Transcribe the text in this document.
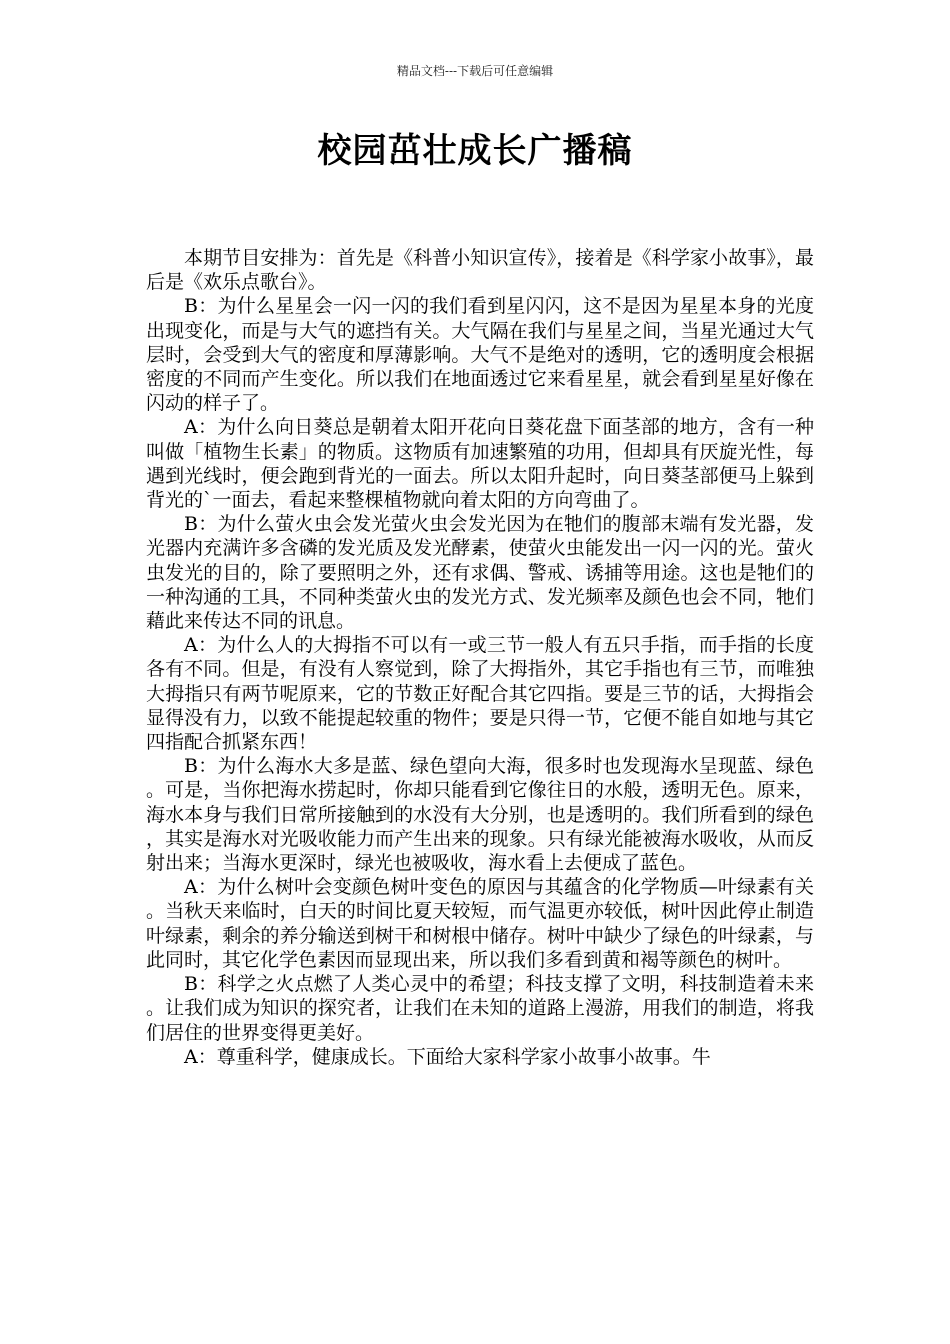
精品文档---下载后可任意编辑
校园茁壮成长广播稿

本期节目安排为：首先是《科普小知识宣传》，接着是《科学家小故事》，最后是《欢乐点歌台》。

B：为什么星星会一闪一闪的我们看到星闪闪，这不是因为星星本身的光度出现变化，而是与大气的遮挡有关。大气隔在我们与星星之间，当星光通过大气层时，会受到大气的密度和厚薄影响。大气不是绝对的透明，它的透明度会根据密度的不同而产生变化。所以我们在地面透过它来看星星，就会看到星星好像在闪动的样子了。

A：为什么向日葵总是朝着太阳开花向日葵花盘下面茎部的地方，含有一种叫做「植物生长素」的物质。这物质有加速繁殖的功用，但却具有厌旋光性，每遇到光线时，便会跑到背光的一面去。所以太阳升起时，向日葵茎部便马上躲到背光的`一面去，看起来整棵植物就向着太阳的方向弯曲了。

B：为什么萤火虫会发光萤火虫会发光因为在牠们的腹部末端有发光器，发光器内充满许多含磷的发光质及发光酵素，使萤火虫能发出一闪一闪的光。萤火虫发光的目的，除了要照明之外，还有求偶、警戒、诱捕等用途。这也是牠们的一种沟通的工具，不同种类萤火虫的发光方式、发光频率及颜色也会不同，牠们藉此来传达不同的讯息。

A：为什么人的大拇指不可以有一或三节一般人有五只手指，而手指的长度各有不同。但是，有没有人察觉到，除了大拇指外，其它手指也有三节，而唯独大拇指只有两节呢原来，它的节数正好配合其它四指。要是三节的话，大拇指会显得没有力，以致不能提起较重的物件；要是只得一节，它便不能自如地与其它四指配合抓紧东西！

B：为什么海水大多是蓝、绿色望向大海，很多时也发现海水呈现蓝、绿色。可是，当你把海水捞起时，你却只能看到它像往日的水般，透明无色。原来，海水本身与我们日常所接触到的水没有大分别，也是透明的。我们所看到的绿色，其实是海水对光吸收能力而产生出来的现象。只有绿光能被海水吸收，从而反射出来；当海水更深时，绿光也被吸收，海水看上去便成了蓝色。

A：为什么树叶会变颜色树叶变色的原因与其蕴含的化学物质—叶绿素有关。当秋天来临时，白天的时间比夏天较短，而气温更亦较低，树叶因此停止制造叶绿素，剩余的养分输送到树干和树根中储存。树叶中缺少了绿色的叶绿素，与此同时，其它化学色素因而显现出来，所以我们多看到黄和褐等颜色的树叶。

B：科学之火点燃了人类心灵中的希望；科技支撑了文明，科技制造着未来。让我们成为知识的探究者，让我们在未知的道路上漫游，用我们的制造，将我们居住的世界变得更美好。

A：尊重科学，健康成长。下面给大家科学家小故事小故事。牛
